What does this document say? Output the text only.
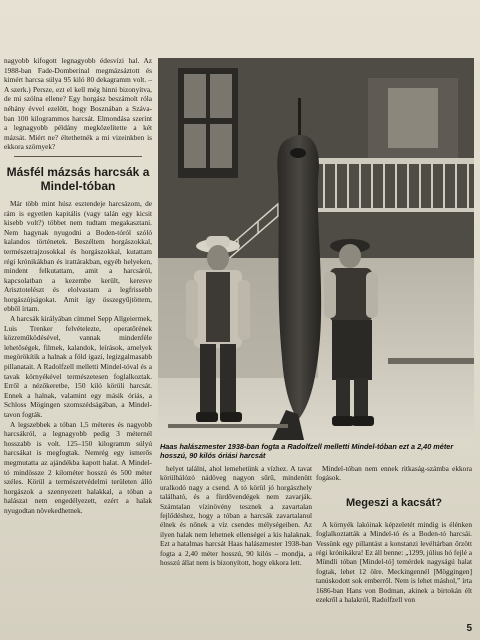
nagyobb kifogott legnagyobb édesvízi hal. Az 1988-ban Fade-Domberinal megmázsáztott és kimért harcsa súlya 95 kiló 80 dekagramm volt. – A szerk.) Persze, ezt el kell még hinni bizonyítva, de mi szólna ellene? Egy horgász beszámolt róla néhány évvel ezelőtt, hogy Bosznában a Száva-ban 100 kilogrammos harcsát. Elmondása szerint a legnagyobb példány megközelítette a két mázsát. Miért ne? éltethetnék a mi vizeinkben is ekkora szörnyek?

Másfél mázsás harcsák a Mindel-tóban

Már több mint húsz esztendeje harcsázom, de rám is egyetlen kapitális (vagy talán egy kicsit kisebb volt?) többet nem tudtam megakasztani. Nem hagynak nyugodni a Boden-tóról szóló kalandos történetek. Beszéltem horgászokkal, természetrajzosokkal és horgászokkal, kutattam régi krónikákban és irattárakban, egyéb helyeken, mindent felkutattam, amit a harcsáról, kapcsolatban a kezembe került, keresve Arisztotelészt és elolvastam a legfrissebb horgászújságokat. Amit így összegyűjtöttem, ebből írtam.

A harcsák királyában címmel Sepp Allgeiermek, Luis Trenker felvételezte, operatőrének közreműködésével, vannak mindenféle lehetőségek, filmek, kalandok, leírások, amelyek megörökítik a halnak a föld igazi, legizgalmasabb pillanatait. A Radolfzell melletti Mindel-tóval és a tavak környékével természetesen foglalkoztak. Erről a nézőkeretbe, 150 kiló körüli harcsát. Ennek a halnak, valamint egy másik óriás, a Schloss Mögingen szomszédságában, a Mindel-tavon fogták.

A legszebbek a tóban 1,5 méteres és nagyobb harcsákról, a legnagyobb pedig 3 méternél hosszabb is volt. 125–150 kilogramm súlyú harcsákat is megfogtak. Nemrég egy ismerős megmutatta az ajándékba kapott halat. A Mindel-tó mindössze 2 kilométer hosszú és 500 méter széles. Körül a természetvédelmi területen álló horgászok a szennyezett halakkal, a tóban a halászat nem engedélyezett, ezért a halak nyugodtan növekedhetnek.

Haas halászmester 1938-ban fogta a Radolfzell melletti Mindel-tóban ezt a 2,40 méter hosszú, 90 kilós óriási harcsát

helyet találni, ahol lemehetünk a vízhez. A tavat körülhálózó nádöveg nagyon sűrű, mindenütt uralkodó nagy a csend. A tó körül jó horgászhely található, és a fürdővendégek nem zavarják. Számtalan vízinövény tesznek a zavartalan fejlődéshez, hogy a tóban a harcsák zavartalanul élnek és nőnek a víz csendes mélységeiben. Az ilyen halak nem lehetnek ellenségei a kis halaknak. Ezt a hatalmas harcsát Haas halászmester 1938-ban fogta a 2,40 méter hosszú, 90 kilós – mondja, a hosszú állat nem is bizonyított, hogy ekkora lett.

Mindel-tóban nem ennek ritkaság-számba ekkora fogások.

Megeszi a kacsát?

A környék lakóinak képzeletét mindig is élénken foglalkoztatták a Mindel-tó és a Boden-tó harcsái. Vessünk egy pillantást a konstanzi levéltárban őrzött régi krónikákra! Ez áll benne: „1299, július hó fejlé a Mündli tóban [Mindel-tó] temérdek nagyságú halat fogtak, lehet 12 ölre. Meckingennél [Möggingen] tanúskodott sok emberről. Nem is lehet máshol,” írta 1686-ban Hans von Bodman, akinek a birtokán élt ezekről a halakról, Radolfzell von

5
